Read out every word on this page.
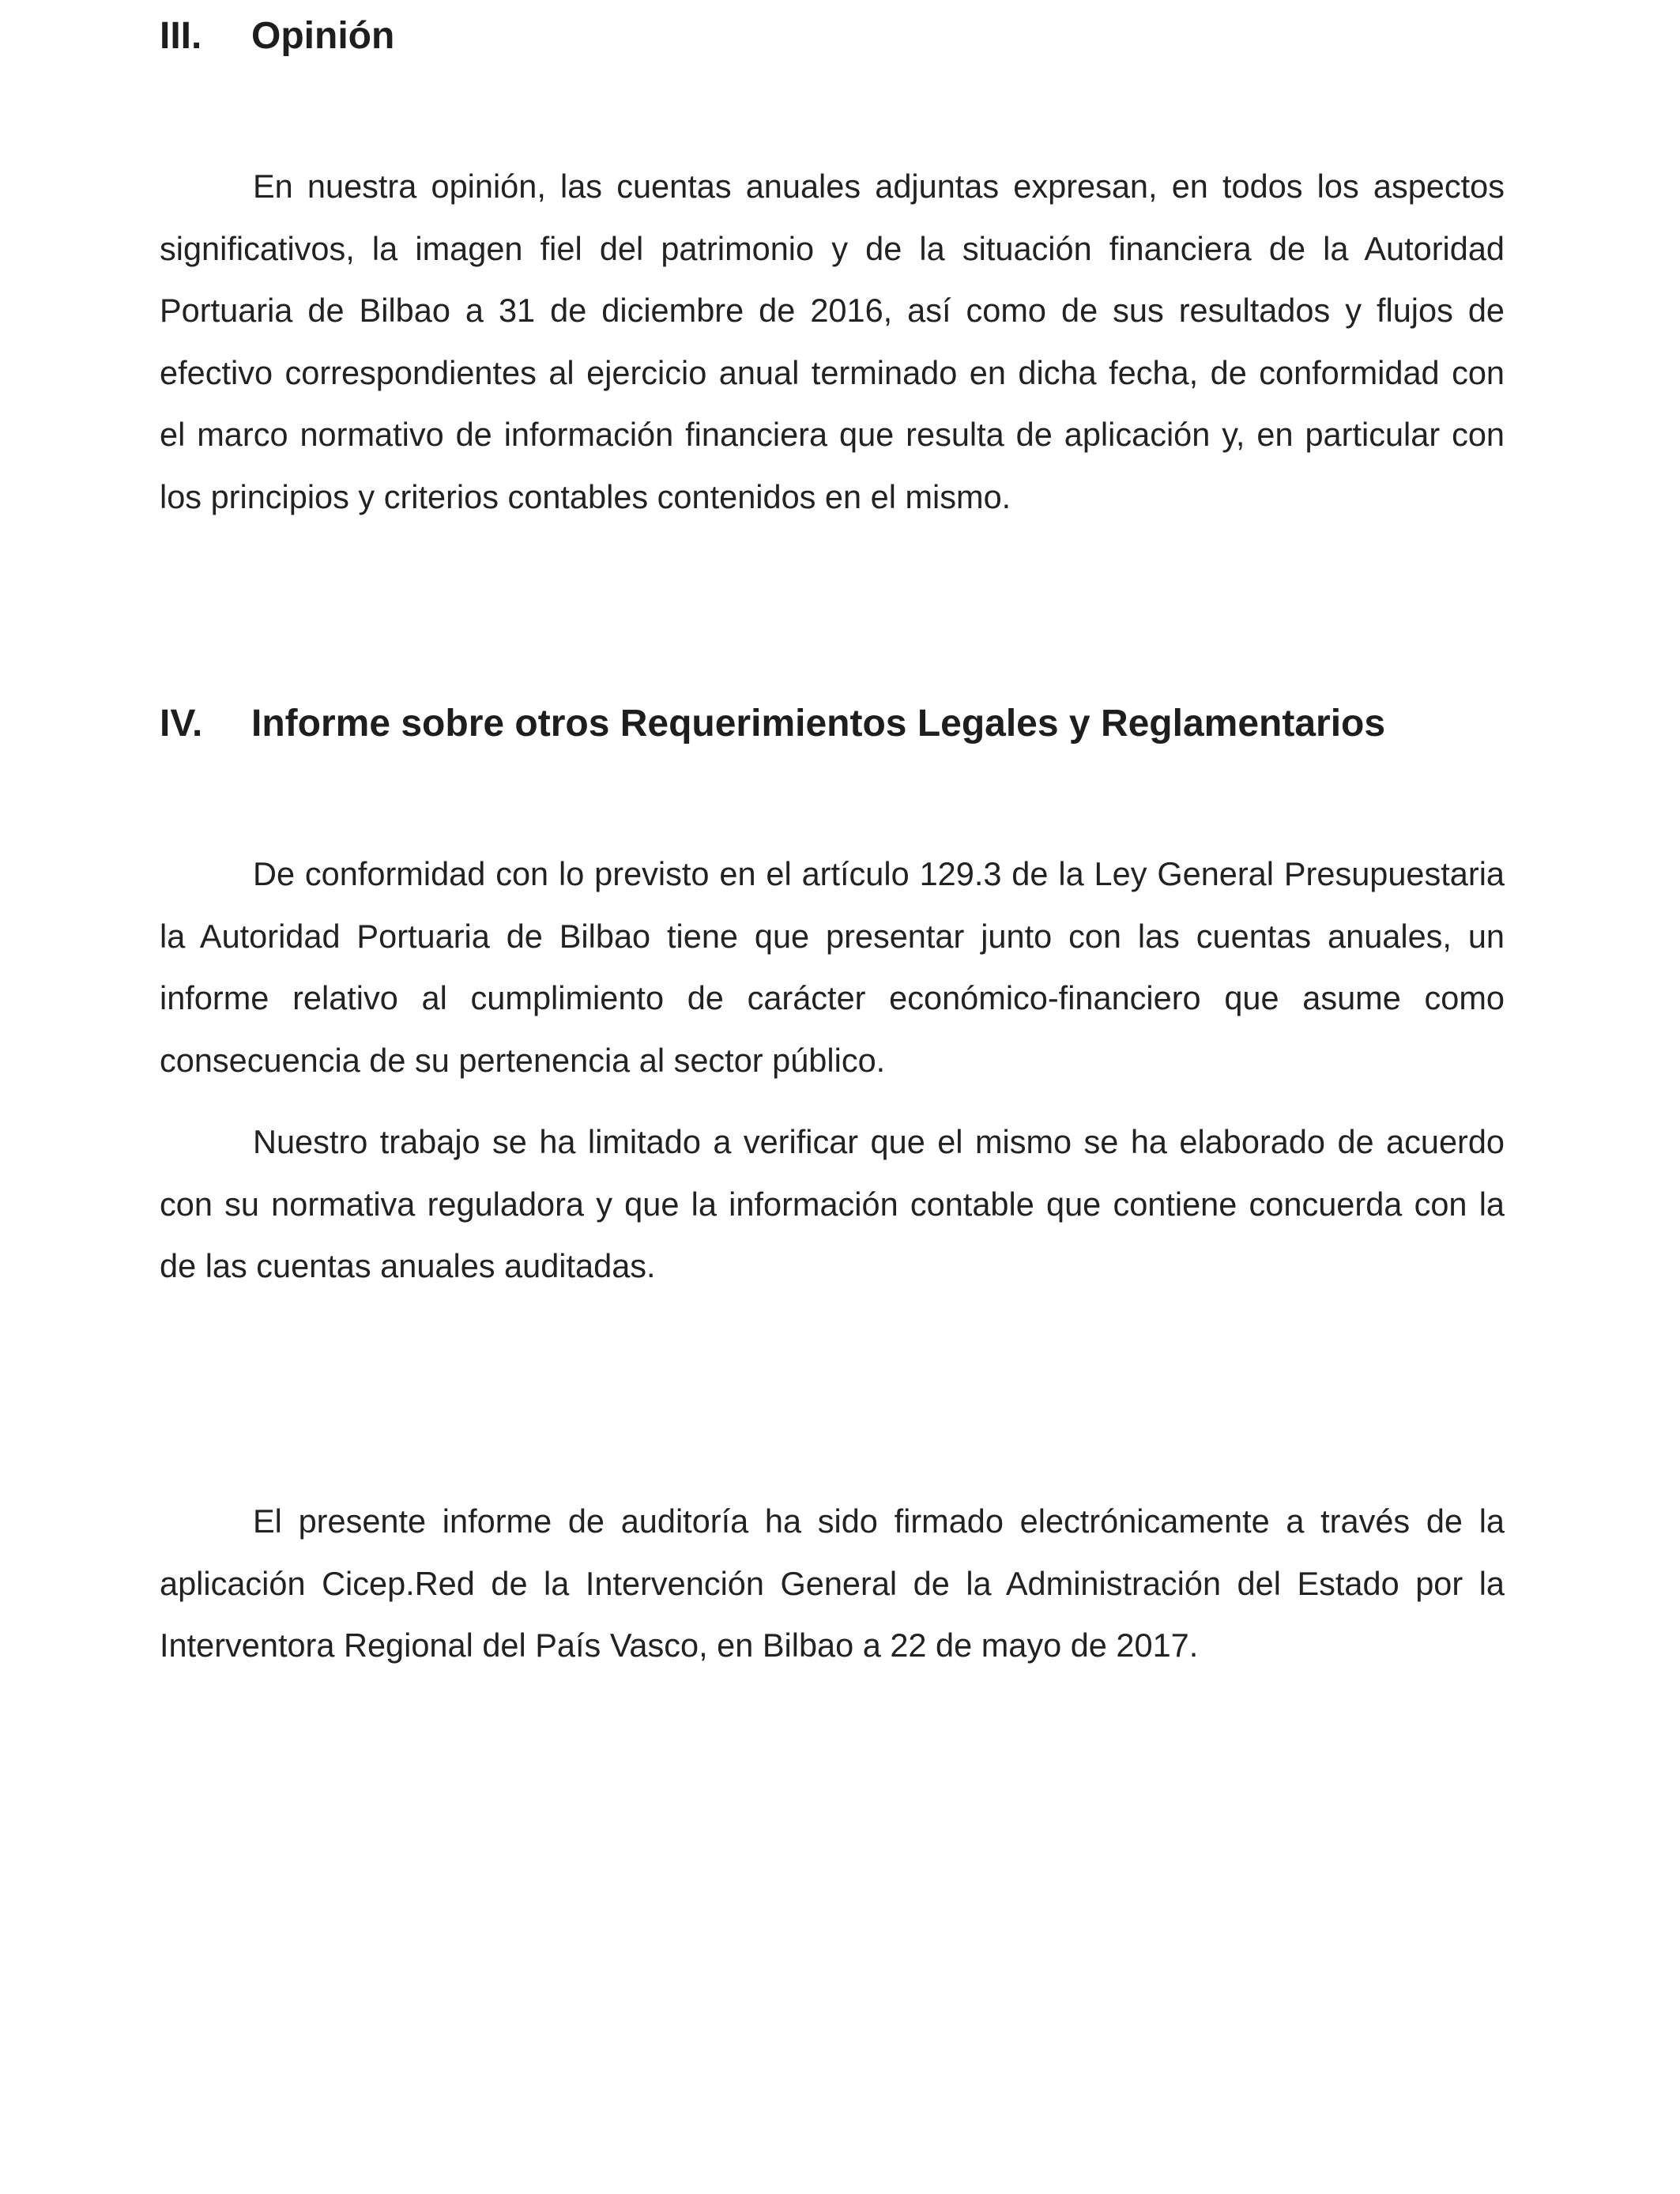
III. Opinión

En nuestra opinión, las cuentas anuales adjuntas expresan, en todos los aspectos significativos, la imagen fiel del patrimonio y de la situación financiera de la Autoridad Portuaria de Bilbao a 31 de diciembre de 2016, así como de sus resultados y flujos de efectivo correspondientes al ejercicio anual terminado en dicha fecha, de conformidad con el marco normativo de información financiera que resulta de aplicación y, en particular con los principios y criterios contables contenidos en el mismo.

IV. Informe sobre otros Requerimientos Legales y Reglamentarios

De conformidad con lo previsto en el artículo 129.3 de la Ley General Presupuestaria la Autoridad Portuaria de Bilbao tiene que presentar junto con las cuentas anuales, un informe relativo al cumplimiento de carácter económico-financiero que asume como consecuencia de su pertenencia al sector público.

Nuestro trabajo se ha limitado a verificar que el mismo se ha elaborado de acuerdo con su normativa reguladora y que la información contable que contiene concuerda con la de las cuentas anuales auditadas.

El presente informe de auditoría ha sido firmado electrónicamente a través de la aplicación Cicep.Red de la Intervención General de la Administración del Estado por la Interventora Regional del País Vasco, en Bilbao a 22 de mayo de 2017.
